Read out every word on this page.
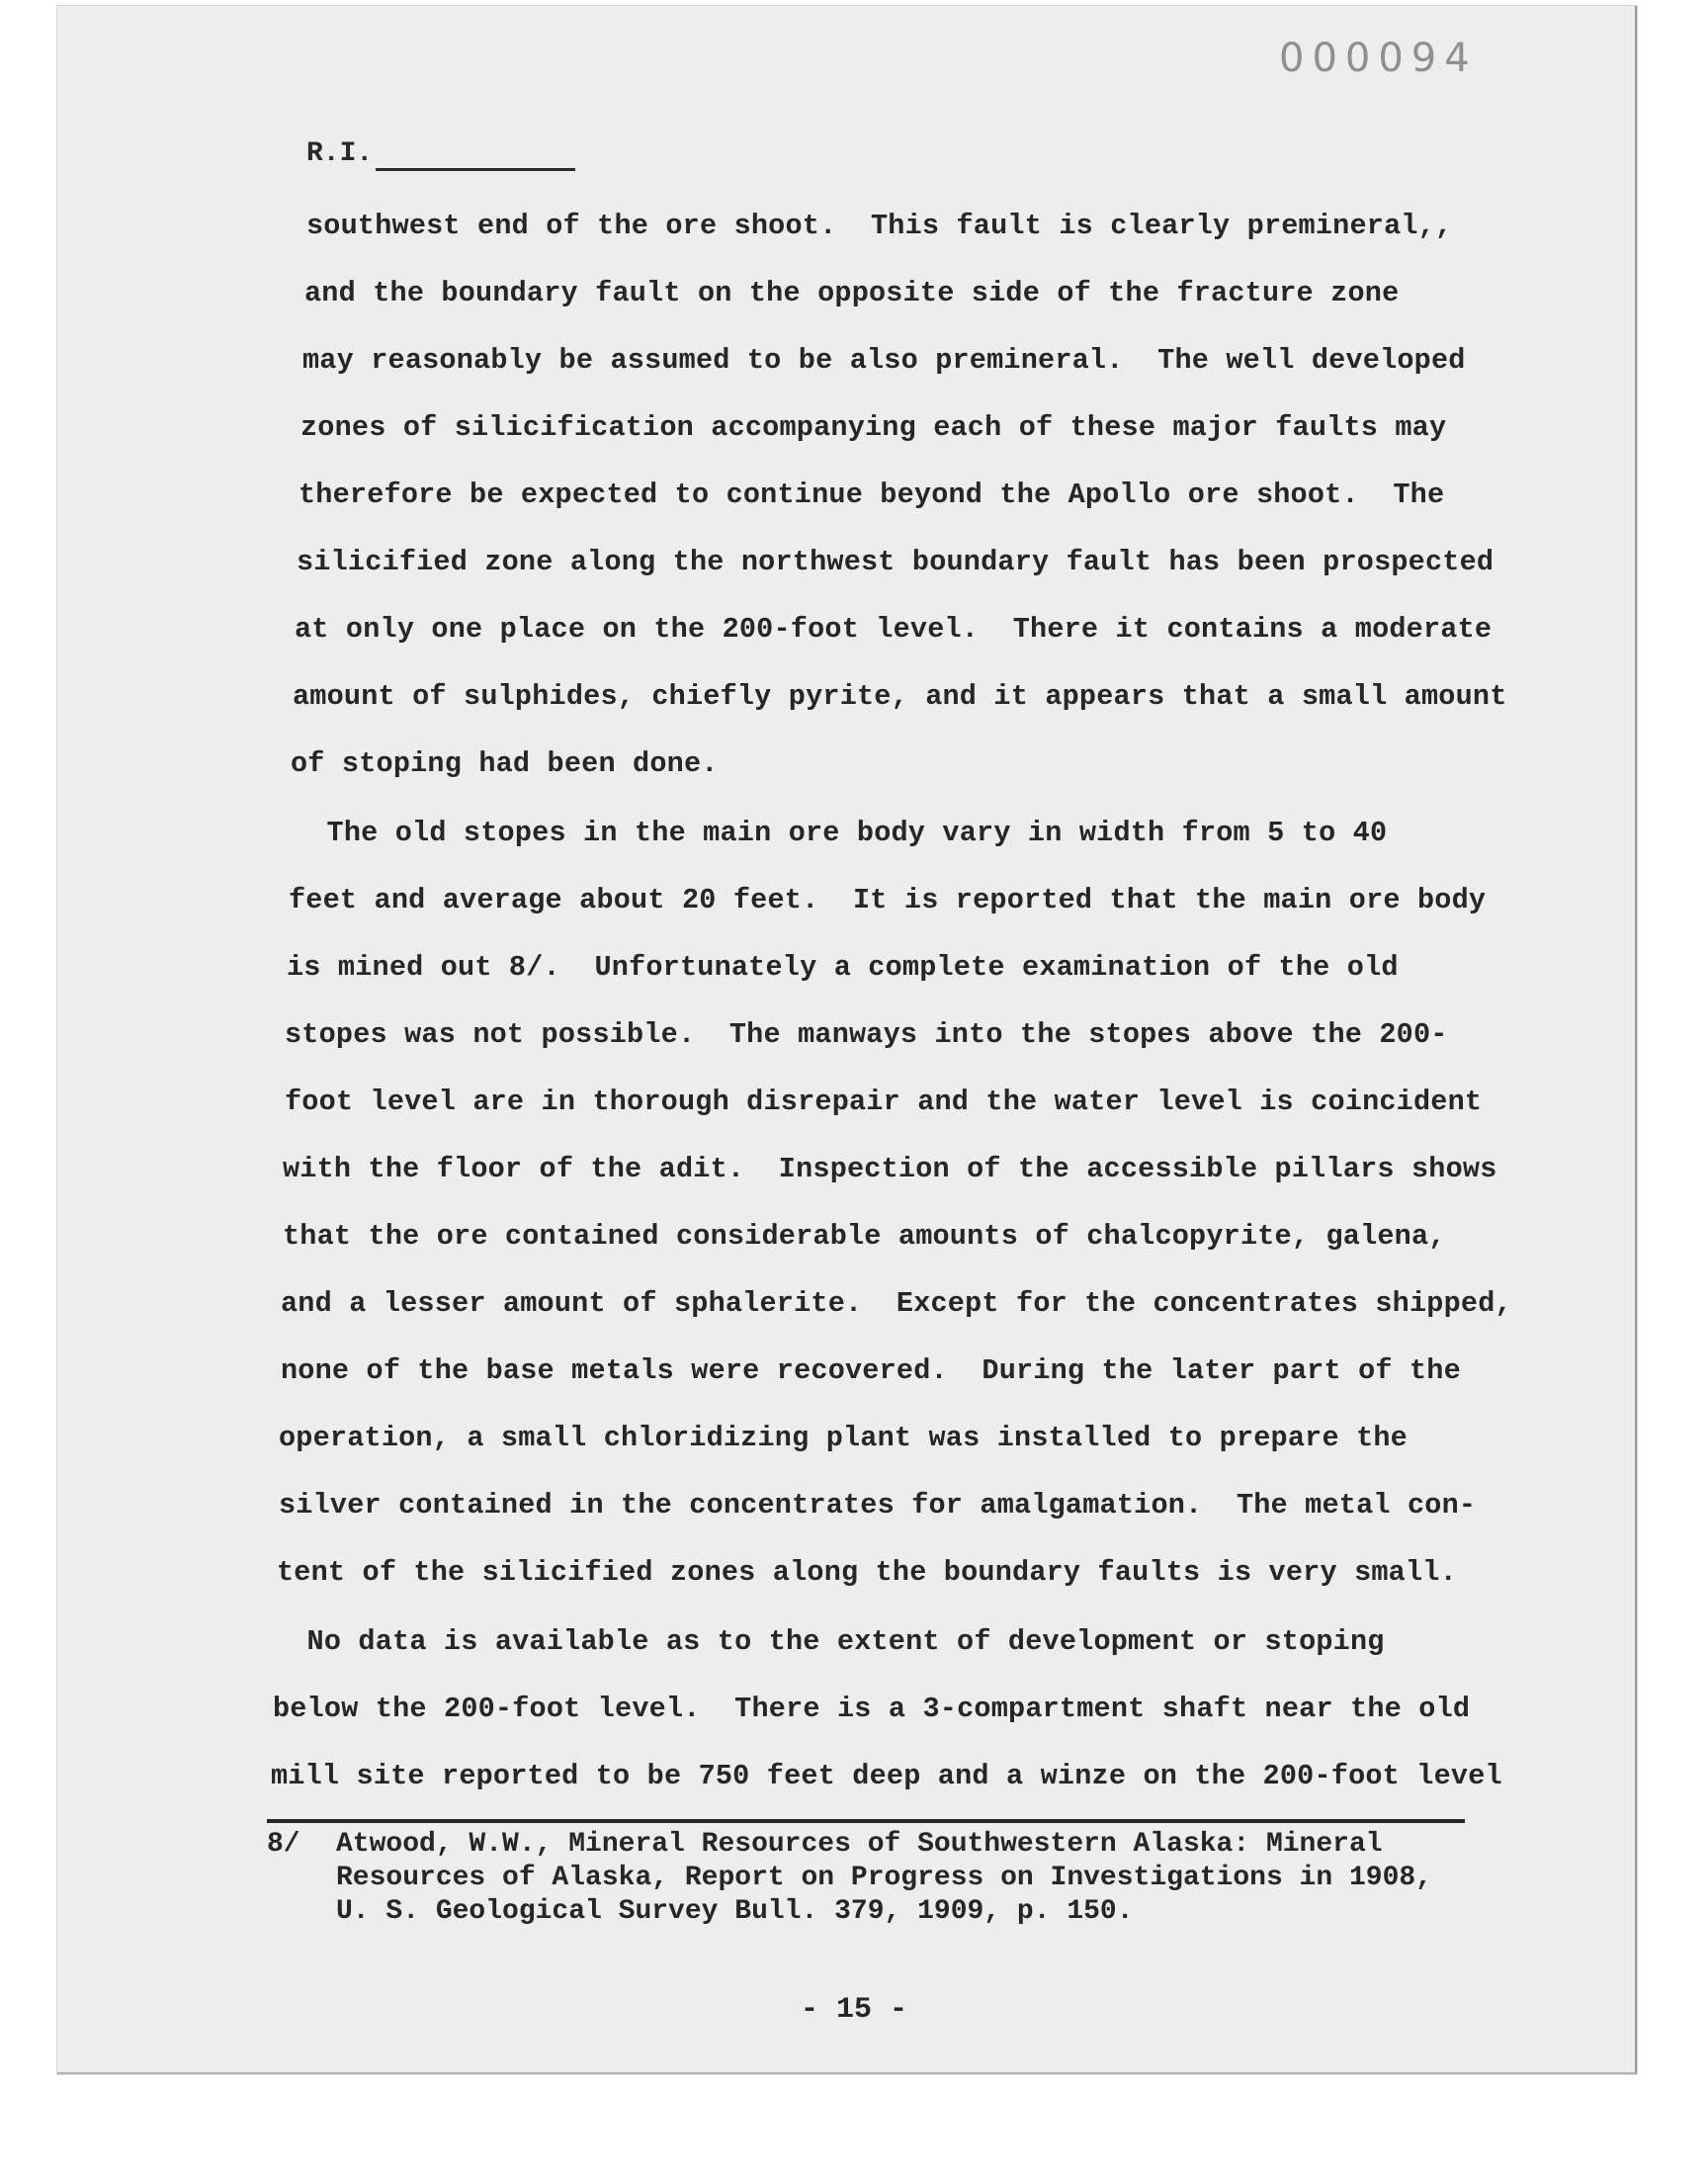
000094
R.I.
southwest end of the ore shoot.  This fault is clearly premineral,,
and the boundary fault on the opposite side of the fracture zone
may reasonably be assumed to be also premineral.  The well developed
zones of silicification accompanying each of these major faults may
therefore be expected to continue beyond the Apollo ore shoot.  The
silicified zone along the northwest boundary fault has been prospected
at only one place on the 200-foot level.  There it contains a moderate
amount of sulphides, chiefly pyrite, and it appears that a small amount
of stoping had been done.
The old stopes in the main ore body vary in width from 5 to 40
feet and average about 20 feet.  It is reported that the main ore body
is mined out 8/.  Unfortunately a complete examination of the old
stopes was not possible.  The manways into the stopes above the 200-
foot level are in thorough disrepair and the water level is coincident
with the floor of the adit.  Inspection of the accessible pillars shows
that the ore contained considerable amounts of chalcopyrite, galena,
and a lesser amount of sphalerite.  Except for the concentrates shipped,
none of the base metals were recovered.  During the later part of the
operation, a small chloridizing plant was installed to prepare the
silver contained in the concentrates for amalgamation.  The metal con-
tent of the silicified zones along the boundary faults is very small.
No data is available as to the extent of development or stoping
below the 200-foot level.  There is a 3-compartment shaft near the old
mill site reported to be 750 feet deep and a winze on the 200-foot level
8/ Atwood, W.W., Mineral Resources of Southwestern Alaska: Mineral
Resources of Alaska, Report on Progress on Investigations in 1908,
U. S. Geological Survey Bull. 379, 1909, p. 150.
- 15 -
